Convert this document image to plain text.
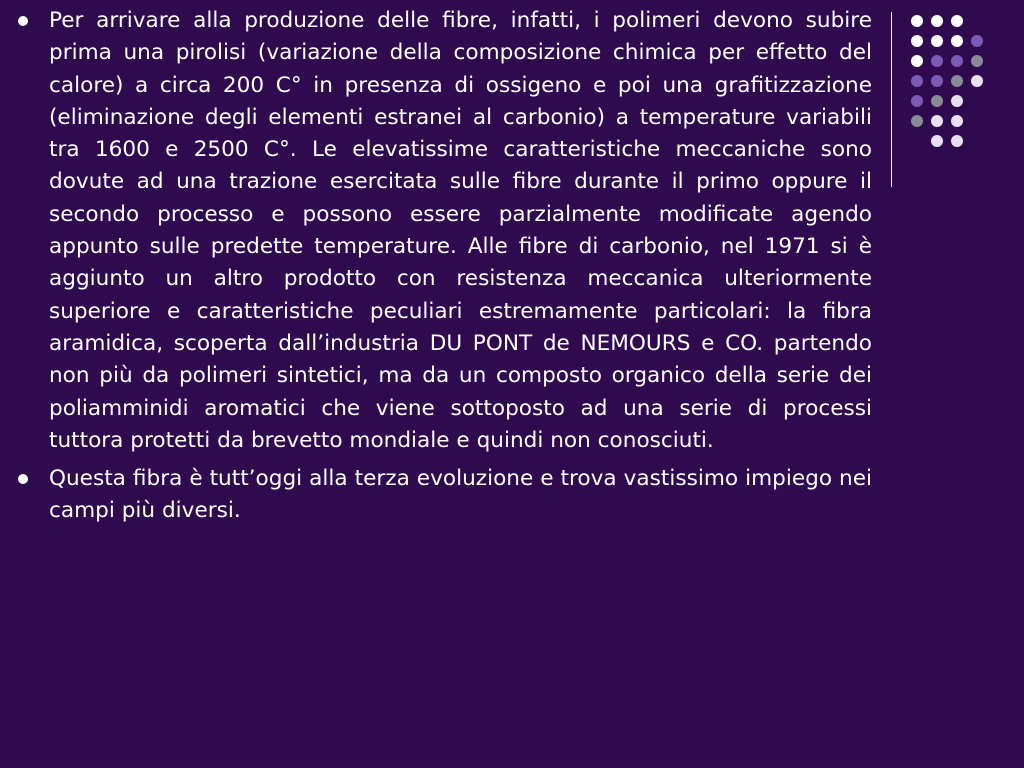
Per arrivare alla produzione delle fibre, infatti, i polimeri devono subire prima una pirolisi (variazione della composizione chimica per effetto del calore) a circa 200 C° in presenza di ossigeno e poi una grafitizzazione (eliminazione degli elementi estranei al carbonio) a temperature variabili tra 1600 e 2500 C°. Le elevatissime caratteristiche meccaniche sono dovute ad una trazione esercitata sulle fibre durante il primo oppure il secondo processo e possono essere parzialmente modificate agendo appunto sulle predette temperature. Alle fibre di carbonio, nel 1971 si è aggiunto un altro prodotto con resistenza meccanica ulteriormente superiore e caratteristiche peculiari estremamente particolari: la fibra aramidica, scoperta dall’industria DU PONT de NEMOURS e CO. partendo non più da polimeri sintetici, ma da un composto organico della serie dei poliamminidi aromatici che viene sottoposto ad una serie di processi tuttora protetti da brevetto mondiale e quindi non conosciuti.

Questa fibra è tutt’oggi alla terza evoluzione e trova vastissimo impiego nei campi più diversi.
